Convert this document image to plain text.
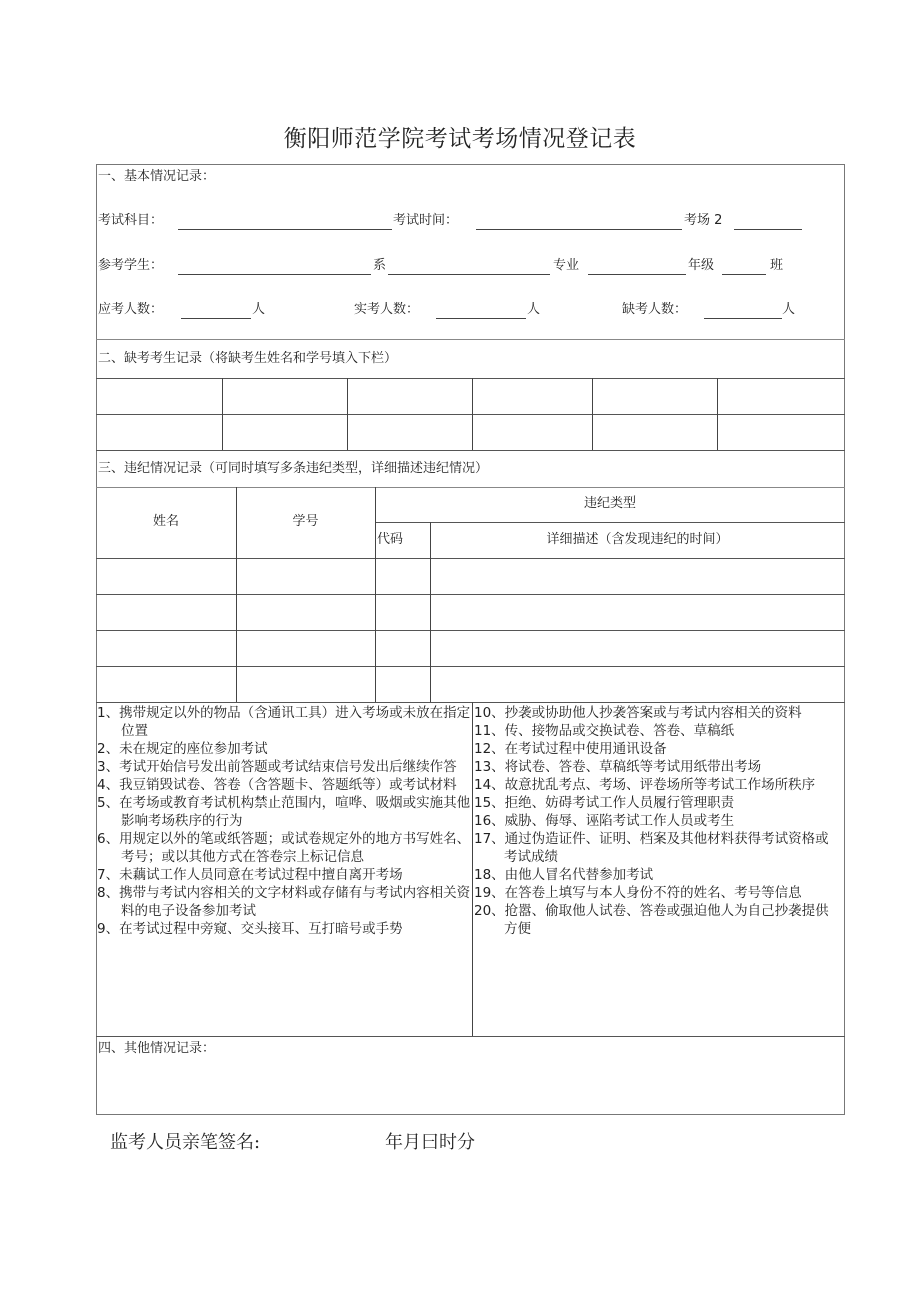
衡阳师范学院考试考场情况登记表
一、基本情况记录：
考试科目：	考试时间：	考场 2
参考学生：	系	专业	年级	班
应考人数：	人	实考人数：	人	缺考人数：	人
二、缺考考生记录（将缺考生姓名和学号填入下栏）
三、违纪情况记录（可同时填写多条违纪类型，详细描述违纪情况）
姓名	学号
违纪类型
代码	详细描述（含发现违纪的时间）
1、携带规定以外的物品（含通讯工具）进入考场或未放在指定位置
2、未在规定的座位参加考试
3、考试开始信号发出前答题或考试结束信号发出后继续作答
4、我豆销毁试卷、答卷（含答题卡、答题纸等）或考试材料
5、在考场或教育考试机构禁止范围内，喧哗、吸烟或实施其他影响考场秩序的行为
6、用规定以外的笔或纸答题；或试卷规定外的地方书写姓名、考号；或以其他方式在答卷宗上标记信息
7、未藕试工作人员同意在考试过程中擅自离开考场
8、携带与考试内容相关的文字材料或存储有与考试内容相关资料的电子设备参加考试
9、在考试过程中旁窥、交头接耳、互打暗号或手势
10、抄袭或协助他人抄袭答案或与考试内容相关的资料
11、传、接物品或交换试卷、答卷、草稿纸
12、在考试过程中使用通讯设备
13、将试卷、答卷、草稿纸等考试用纸带出考场
14、故意扰乱考点、考场、评卷场所等考试工作场所秩序
15、拒绝、妨碍考试工作人员履行管理职责
16、威胁、侮辱、诬陷考试工作人员或考生
17、通过伪造证件、证明、档案及其他材料获得考试资格或考试成绩
18、由他人冒名代替参加考试
19、在答卷上填写与本人身份不符的姓名、考号等信息
20、抢嚣、偷取他人试卷、答卷或强迫他人为自己抄袭提供方便
四、其他情况记录：
监考人员亲笔签名:	年月曰时分
